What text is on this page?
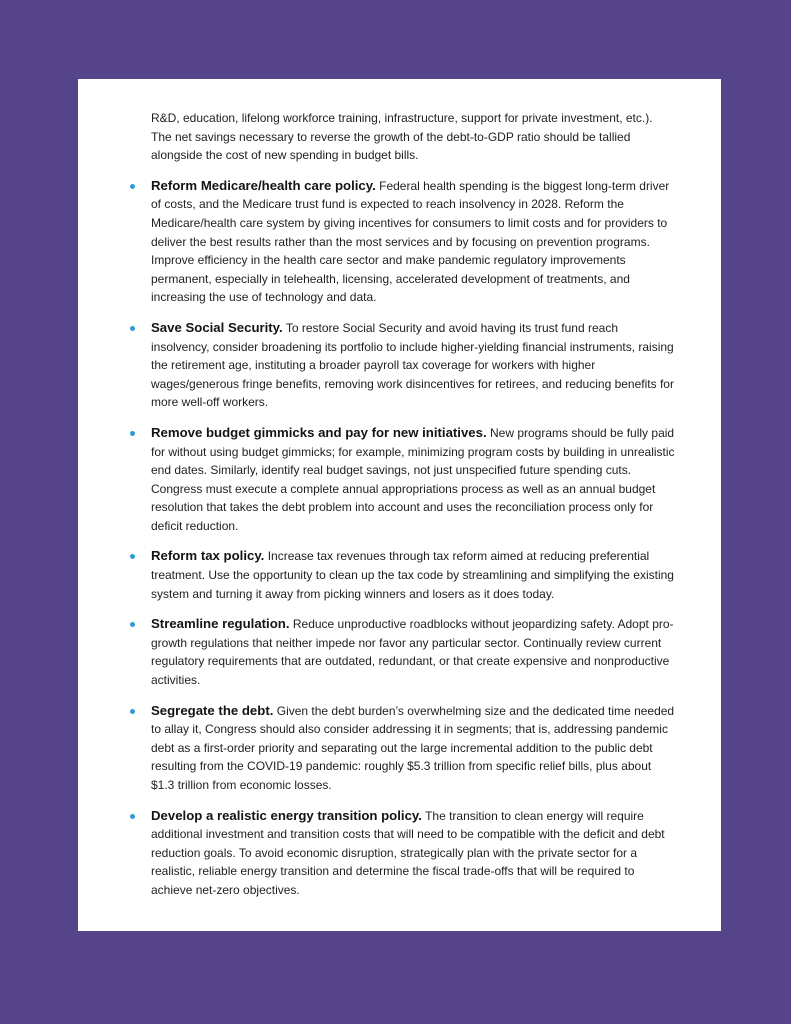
R&D, education, lifelong workforce training, infrastructure, support for private investment, etc.). The net savings necessary to reverse the growth of the debt-to-GDP ratio should be tallied alongside the cost of new spending in budget bills.

Reform Medicare/health care policy. Federal health spending is the biggest long-term driver of costs, and the Medicare trust fund is expected to reach insolvency in 2028. Reform the Medicare/health care system by giving incentives for consumers to limit costs and for providers to deliver the best results rather than the most services and by focusing on prevention programs. Improve efficiency in the health care sector and make pandemic regulatory improvements permanent, especially in telehealth, licensing, accelerated development of treatments, and increasing the use of technology and data.
Save Social Security. To restore Social Security and avoid having its trust fund reach insolvency, consider broadening its portfolio to include higher-yielding financial instruments, raising the retirement age, instituting a broader payroll tax coverage for workers with higher wages/generous fringe benefits, removing work disincentives for retirees, and reducing benefits for more well-off workers.
Remove budget gimmicks and pay for new initiatives. New programs should be fully paid for without using budget gimmicks; for example, minimizing program costs by building in unrealistic end dates. Similarly, identify real budget savings, not just unspecified future spending cuts. Congress must execute a complete annual appropriations process as well as an annual budget resolution that takes the debt problem into account and uses the reconciliation process only for deficit reduction.
Reform tax policy. Increase tax revenues through tax reform aimed at reducing preferential treatment. Use the opportunity to clean up the tax code by streamlining and simplifying the existing system and turning it away from picking winners and losers as it does today.
Streamline regulation. Reduce unproductive roadblocks without jeopardizing safety. Adopt pro-growth regulations that neither impede nor favor any particular sector. Continually review current regulatory requirements that are outdated, redundant, or that create expensive and nonproductive activities.
Segregate the debt. Given the debt burden’s overwhelming size and the dedicated time needed to allay it, Congress should also consider addressing it in segments; that is, addressing pandemic debt as a first-order priority and separating out the large incremental addition to the public debt resulting from the COVID-19 pandemic: roughly $5.3 trillion from specific relief bills, plus about $1.3 trillion from economic losses.
Develop a realistic energy transition policy. The transition to clean energy will require additional investment and transition costs that will need to be compatible with the deficit and debt reduction goals. To avoid economic disruption, strategically plan with the private sector for a realistic, reliable energy transition and determine the fiscal trade-offs that will be required to achieve net-zero objectives.
